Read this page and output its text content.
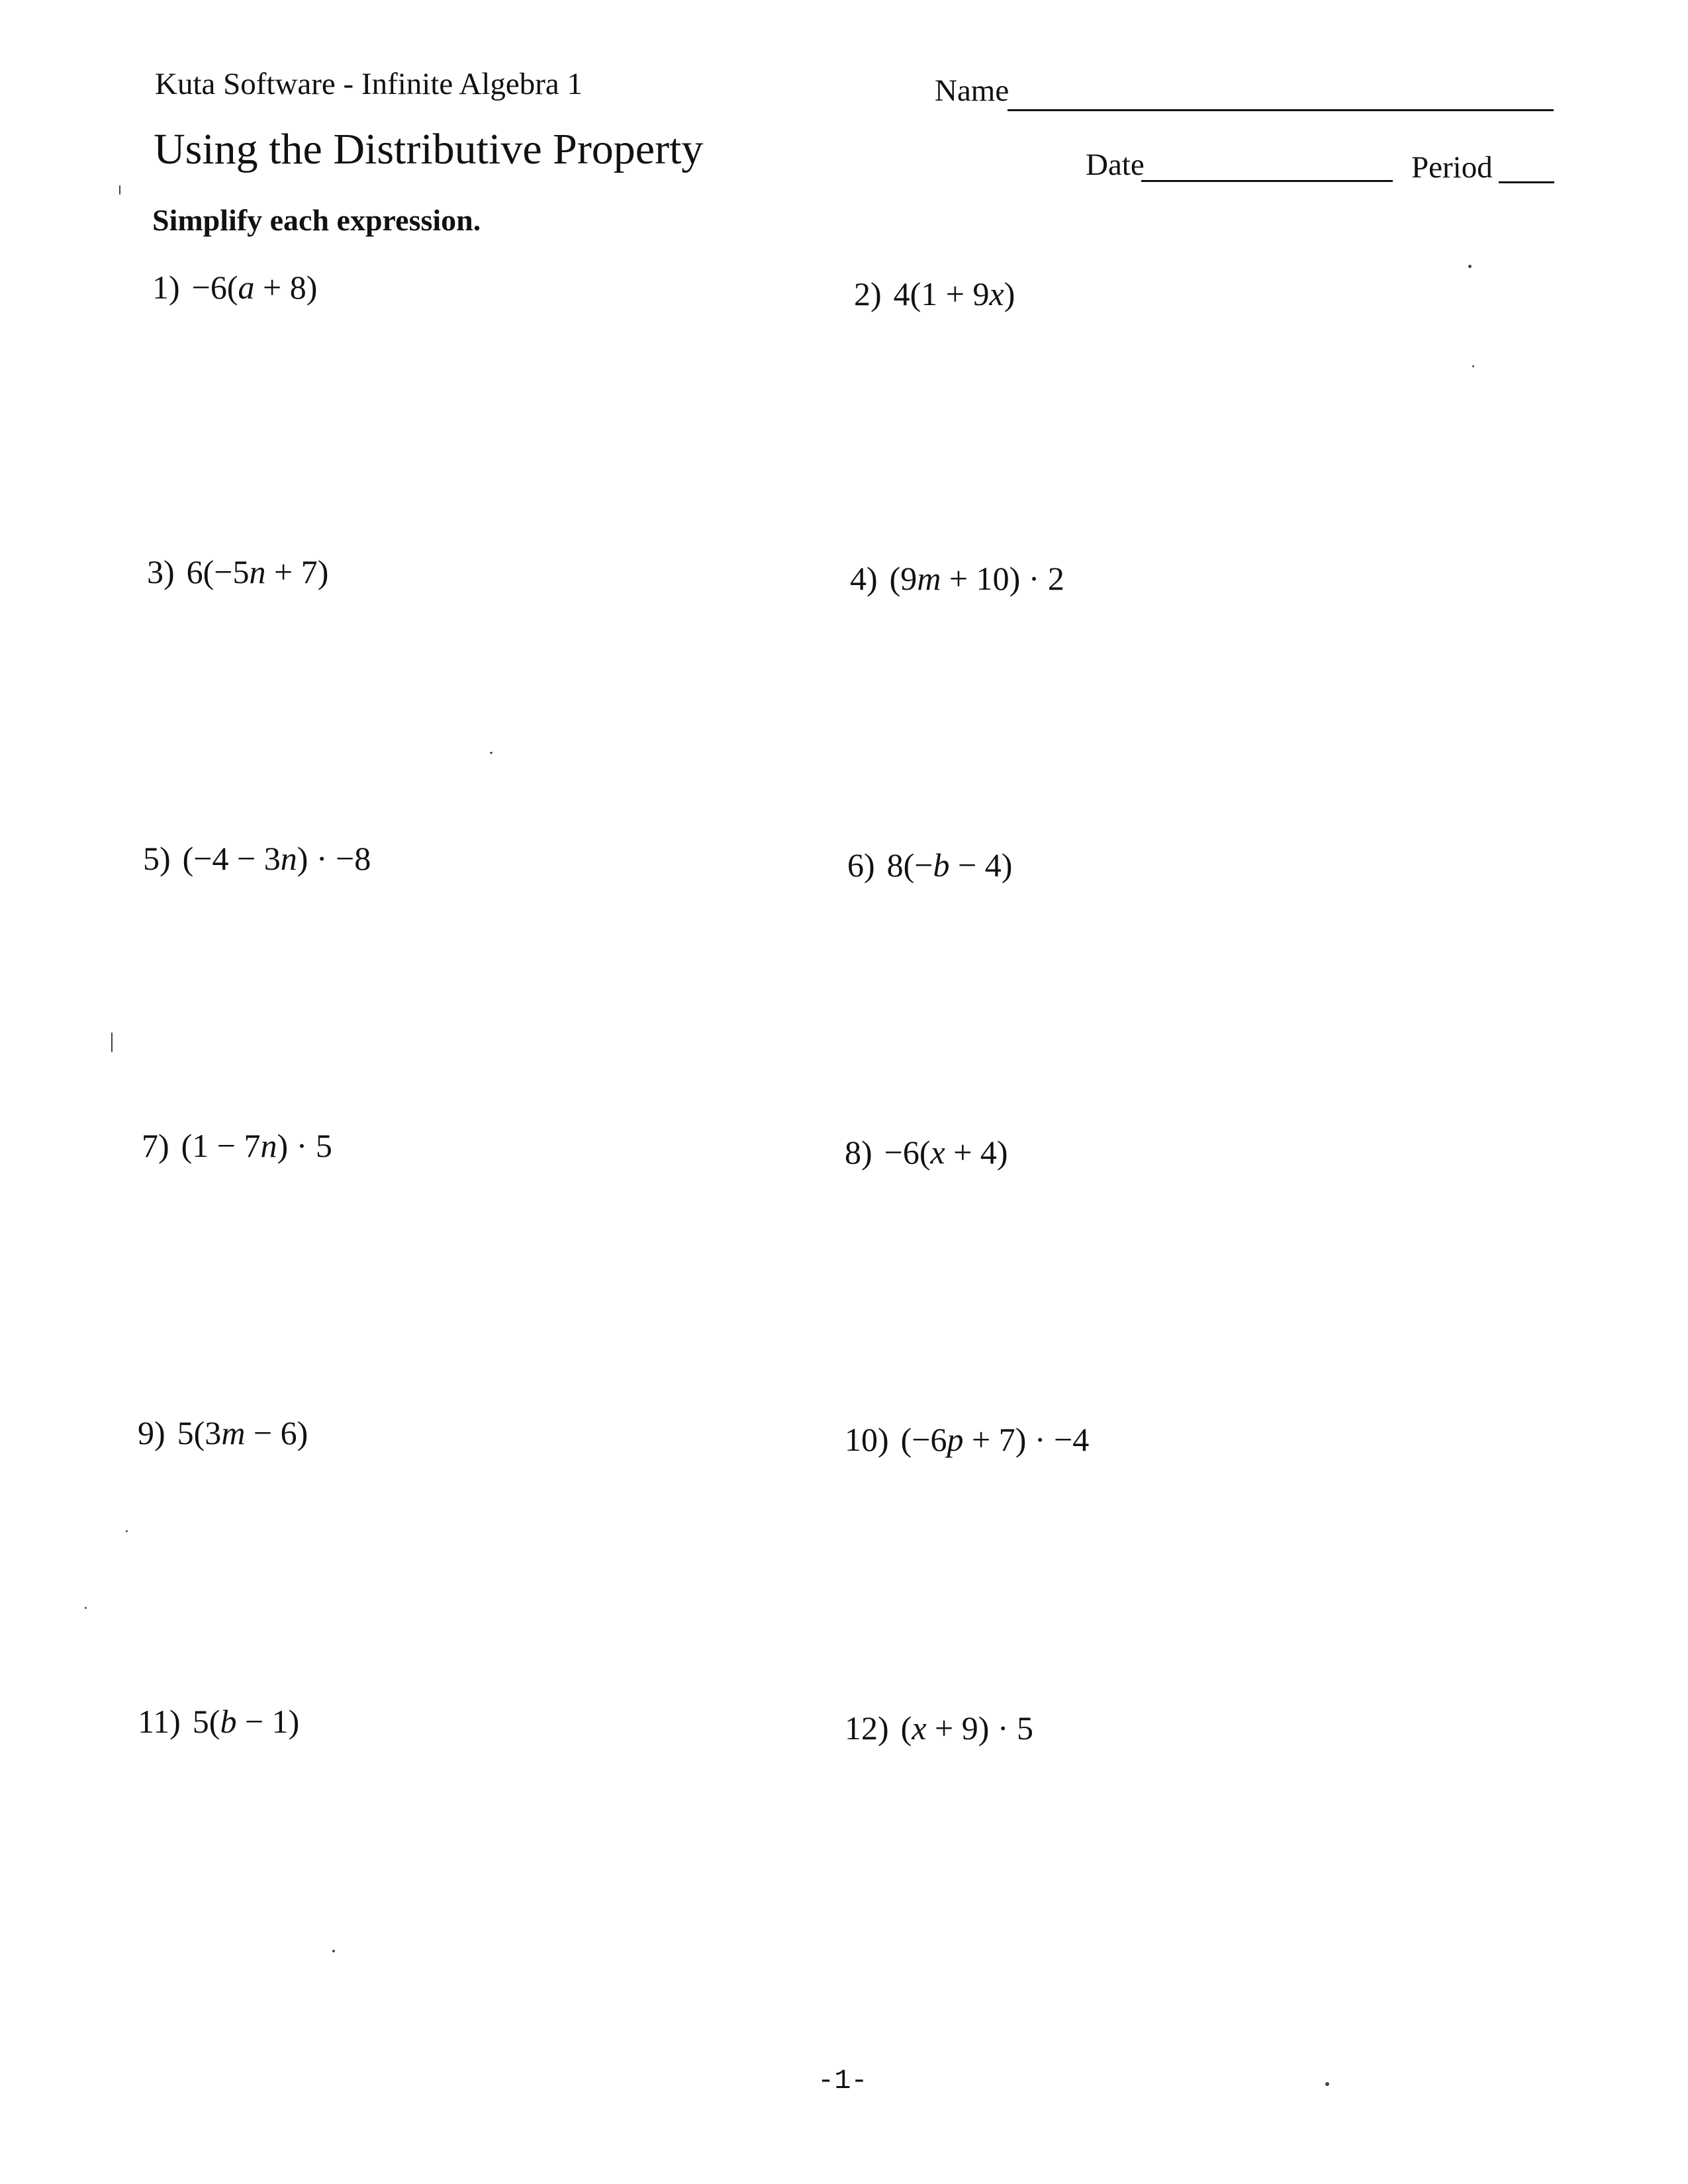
Kuta Software - Infinite Algebra 1
Using the Distributive Property
Simplify each expression.
Name
Date	Period
1) −6(a + 8)
3) 6(−5n + 7)
5) (−4 − 3n) · −8
7) (1 − 7n) · 5
9) 5(3m − 6)
11) 5(b − 1)
2) 4(1 + 9x)
4) (9m + 10) · 2
6) 8(−b − 4)
8) −6(x + 4)
10) (−6p + 7) · −4
12) (x + 9) · 5
-1-
